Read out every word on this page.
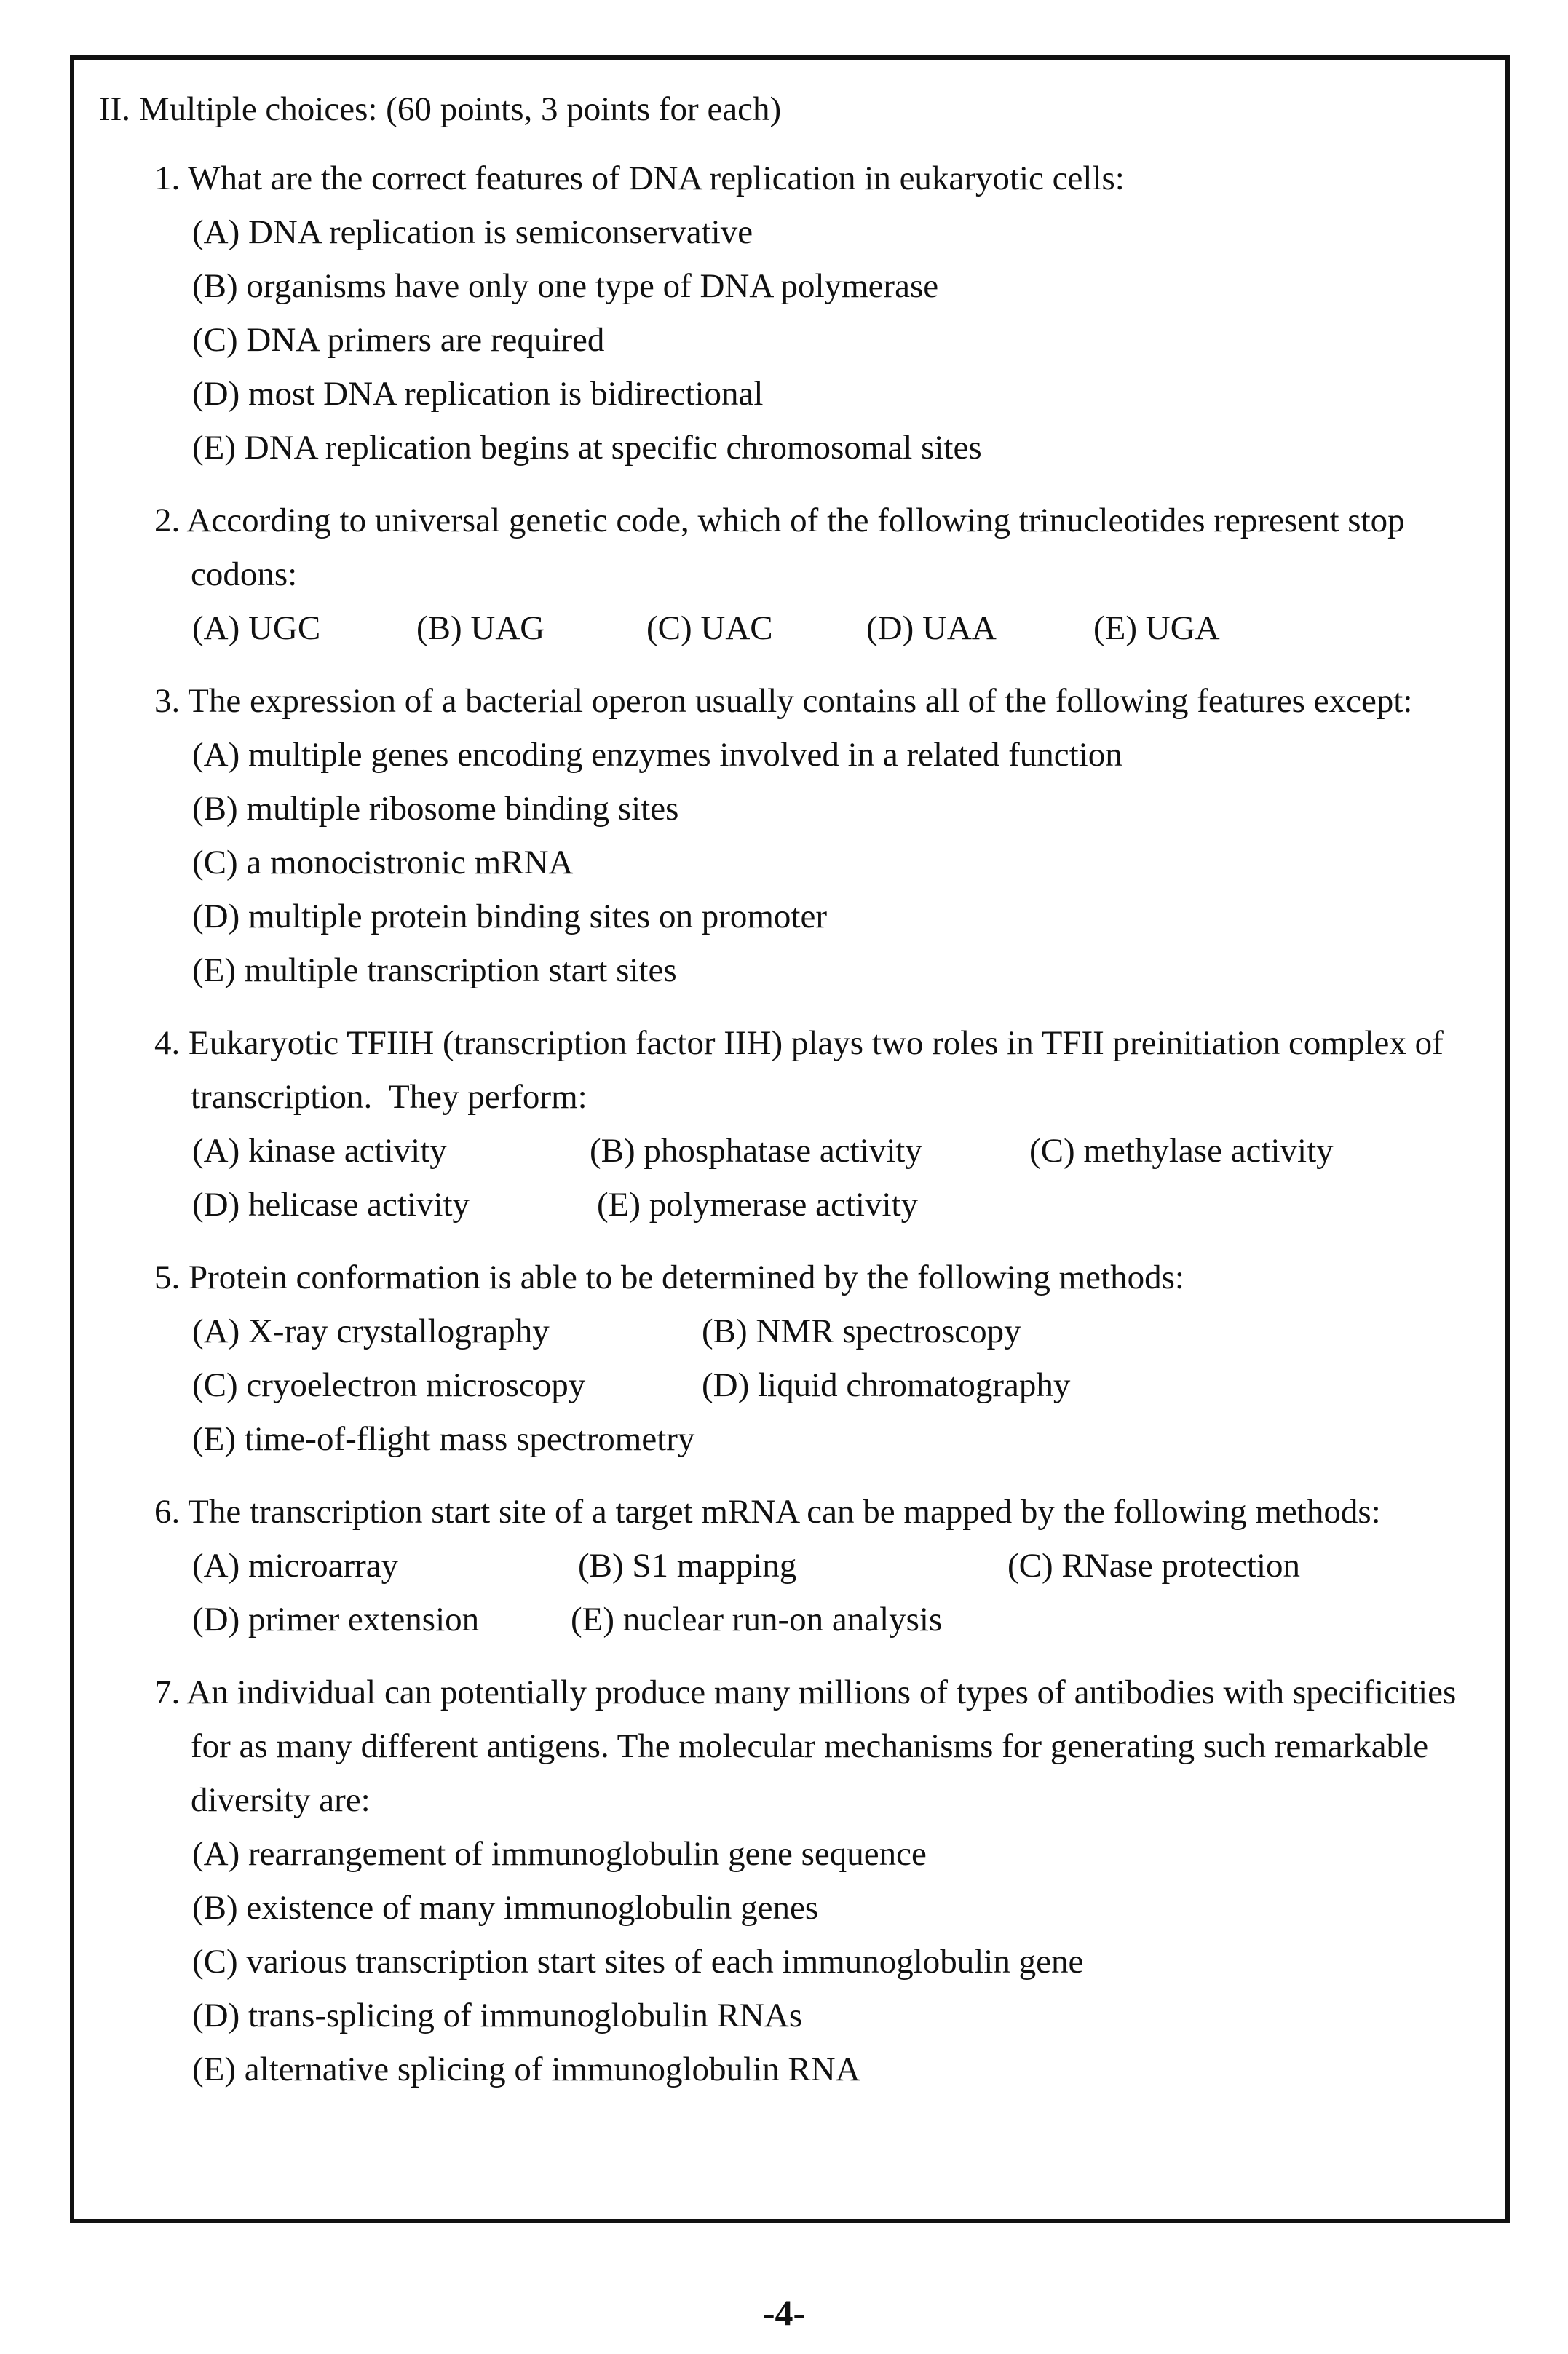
II. Multiple choices: (60 points, 3 points for each)
1. What are the correct features of DNA replication in eukaryotic cells:
(A) DNA replication is semiconservative
(B) organisms have only one type of DNA polymerase
(C) DNA primers are required
(D) most DNA replication is bidirectional
(E) DNA replication begins at specific chromosomal sites
2. According to universal genetic code, which of the following trinucleotides represent stop codons:
(A) UGC	(B) UAG	(C) UAC	(D) UAA	(E) UGA
3. The expression of a bacterial operon usually contains all of the following features except:
(A) multiple genes encoding enzymes involved in a related function
(B) multiple ribosome binding sites
(C) a monocistronic mRNA
(D) multiple protein binding sites on promoter
(E) multiple transcription start sites
4. Eukaryotic TFIIH (transcription factor IIH) plays two roles in TFII preinitiation complex of transcription.  They perform:
(A) kinase activity	(B) phosphatase activity	(C) methylase activity
(D) helicase activity	(E) polymerase activity
5. Protein conformation is able to be determined by the following methods:
(A) X-ray crystallography	(B) NMR spectroscopy
(C) cryoelectron microscopy	(D) liquid chromatography
(E) time-of-flight mass spectrometry
6. The transcription start site of a target mRNA can be mapped by the following methods:
(A) microarray	(B) S1 mapping	(C) RNase protection
(D) primer extension	(E) nuclear run-on analysis
7. An individual can potentially produce many millions of types of antibodies with specificities for as many different antigens. The molecular mechanisms for generating such remarkable diversity are:
(A) rearrangement of immunoglobulin gene sequence
(B) existence of many immunoglobulin genes
(C) various transcription start sites of each immunoglobulin gene
(D) trans-splicing of immunoglobulin RNAs
(E) alternative splicing of immunoglobulin RNA
-4-
